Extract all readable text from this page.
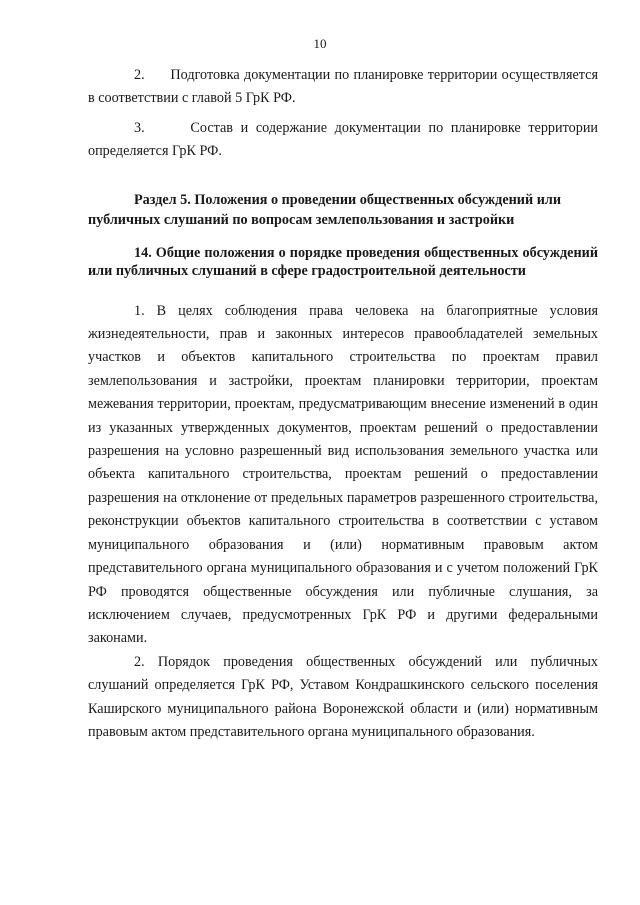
10

2.      Подготовка документации по планировке территории осуществляется в соответствии с главой 5 ГрК РФ.

3.      Состав и содержание документации по планировке территории определяется ГрК РФ.

Раздел 5. Положения о проведении общественных обсуждений или публичных слушаний по вопросам землепользования и застройки

14. Общие положения о порядке проведения общественных обсуждений или публичных слушаний в сфере градостроительной деятельности

1. В целях соблюдения права человека на благоприятные условия жизнедеятельности, прав и законных интересов правообладателей земельных участков и объектов капитального строительства по проектам правил землепользования и застройки, проектам планировки территории, проектам межевания территории, проектам, предусматривающим внесение изменений в один из указанных утвержденных документов, проектам решений о предоставлении разрешения на условно разрешенный вид использования земельного участка или объекта капитального строительства, проектам решений о предоставлении разрешения на отклонение от предельных параметров разрешенного строительства, реконструкции объектов капитального строительства в соответствии с уставом муниципального образования и (или) нормативным правовым актом представительного органа муниципального образования и с учетом положений ГрК РФ проводятся общественные обсуждения или публичные слушания, за исключением случаев, предусмотренных ГрК РФ и другими федеральными законами.

2. Порядок проведения общественных обсуждений или публичных слушаний определяется ГрК РФ, Уставом Кондрашкинского сельского поселения Каширского муниципального района Воронежской области и (или) нормативным правовым актом представительного органа муниципального образования.
